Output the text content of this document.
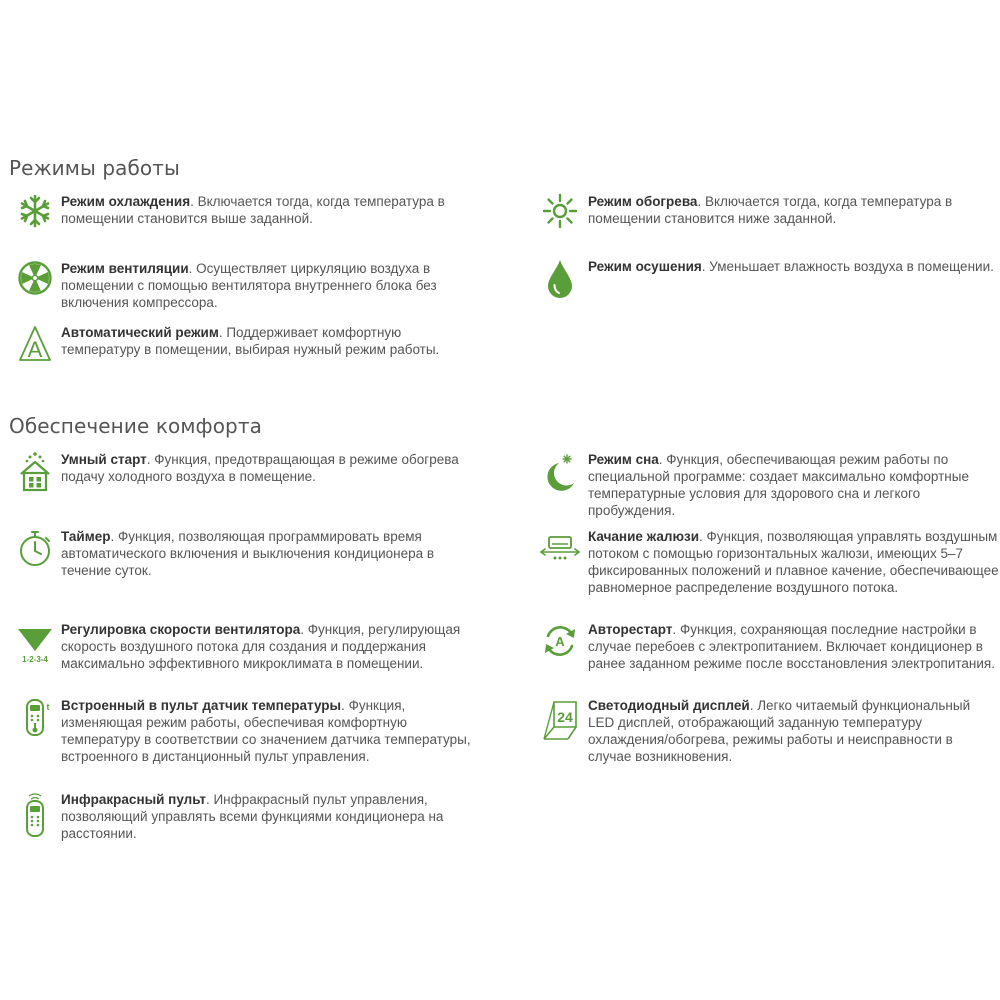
Режимы работы
Режим охлаждения. Включается тогда, когда температура в помещении становится выше заданной.
Режим обогрева. Включается тогда, когда температура в помещении становится ниже заданной.
Режим вентиляции. Осуществляет циркуляцию воздуха в помещении с помощью вентилятора внутреннего блока без включения компрессора.
Режим осушения. Уменьшает влажность воздуха в помещении.
A
Автоматический режим. Поддерживает комфортную температуру в помещении, выбирая нужный режим работы.
Обеспечение комфорта
Умный старт. Функция, предотвращающая в режиме обогрева подачу холодного воздуха в помещение.
Режим сна. Функция, обеспечивающая режим работы по специальной программе: создает максимально комфортные температурные условия для здорового сна и легкого пробуждения.
Таймер. Функция, позволяющая программировать время автоматического включения и выключения кондиционера в течение суток.
Качание жалюзи. Функция, позволяющая управлять воздушным потоком с помощью горизонтальных жалюзи, имеющих 5–7 фиксированных положений и плавное качение, обеспечивающее равномерное распределение воздушного потока.
1-2-3-4
Регулировка скорости вентилятора. Функция, регулирующая скорость воздушного потока для создания и поддержания максимально эффективного микроклимата в помещении.
A
Авторестарт. Функция, сохраняющая последние настройки в случае перебоев с электропитанием. Включает кондиционер в ранее заданном режиме после восстановления электропитания.
t Встроенный в пульт датчик температуры. Функция, изменяющая режим работы, обеспечивая комфортную температуру в соответствии со значением датчика температуры, встроенного в дистанционный пульт управления.
24
Светодиодный дисплей. Легко читаемый функциональный LED дисплей, отображающий заданную температуру охлаждения/обогрева, режимы работы и неисправности в случае возникновения.
Инфракрасный пульт. Инфракрасный пульт управления, позволяющий управлять всеми функциями кондиционера на расстоянии.
